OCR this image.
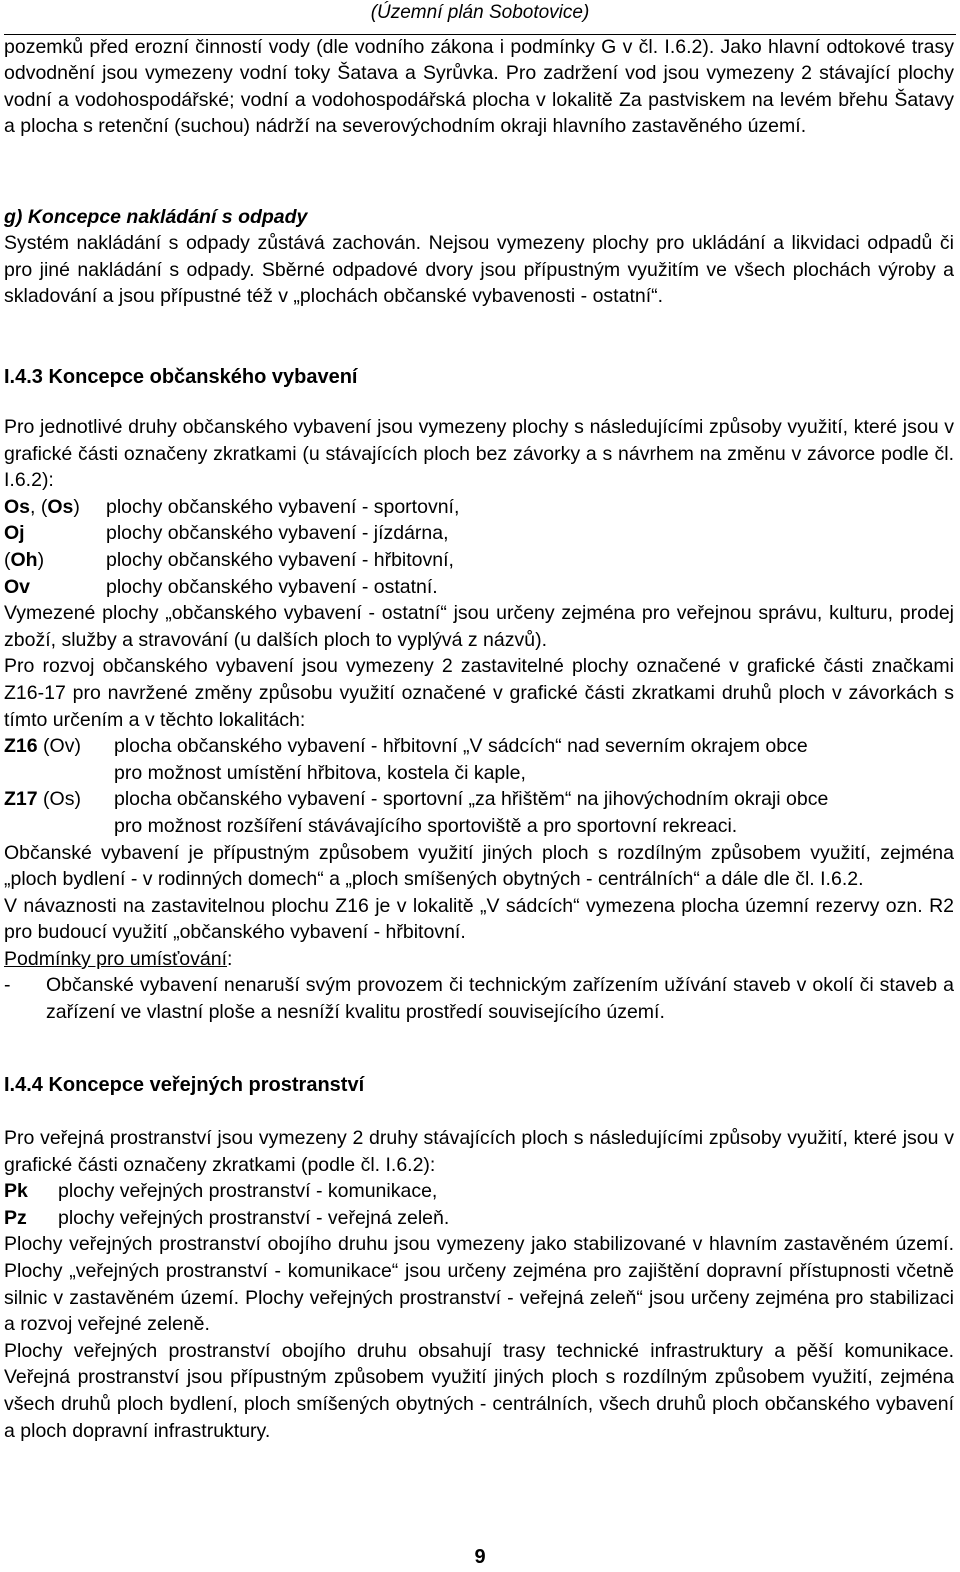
(Územní plán Sobotovice)

pozemků před erozní činností vody (dle vodního zákona i podmínky G v čl. I.6.2). Jako hlavní odtokové trasy odvodnění jsou vymezeny vodní toky Šatava a Syrůvka. Pro zadržení vod jsou vymezeny 2 stávající plochy vodní a vodohospodářské; vodní a vodohospodářská plocha v lokalitě Za pastviskem na levém břehu Šatavy a plocha s retenční (suchou) nádrží na severovýchodním okraji hlavního zastavěného území.

g) Koncepce nakládání s odpady

Systém nakládání s odpady zůstává zachován. Nejsou vymezeny plochy pro ukládání a likvidaci odpadů či pro jiné nakládání s odpady. Sběrné odpadové dvory jsou přípustným využitím ve všech plochách výroby a skladování a jsou přípustné též v „plochách občanské vybavenosti - ostatní“.

I.4.3 Koncepce občanského vybavení

Pro jednotlivé druhy občanského vybavení jsou vymezeny plochy s následujícími způsoby využití, které jsou v grafické části označeny zkratkami (u stávajících ploch bez závorky a s návrhem na změnu v závorce podle čl. I.6.2):

Os, (Os)	plochy občanského vybavení - sportovní,
Oj	plochy občanského vybavení - jízdárna,
(Oh)	plochy občanského vybavení - hřbitovní,
Ov	plochy občanského vybavení - ostatní.

Vymezené plochy „občanského vybavení - ostatní“ jsou určeny zejména pro veřejnou správu, kulturu, prodej zboží, služby a stravování (u dalších ploch to vyplývá z názvů).

Pro rozvoj občanského vybavení jsou vymezeny 2 zastavitelné plochy označené v grafické části značkami Z16-17 pro navržené změny způsobu využití označené v grafické části zkratkami druhů ploch v závorkách s tímto určením a v těchto lokalitách:

Z16 (Ov)	plocha občanského vybavení - hřbitovní „V sádcích“ nad severním okrajem obce
pro možnost umístění hřbitova, kostela či kaple,
Z17 (Os)	plocha občanského vybavení - sportovní „za hřištěm“ na jihovýchodním okraji obce
pro možnost rozšíření stávávajícího sportoviště a pro sportovní rekreaci.

Občanské vybavení je přípustným způsobem využití jiných ploch s rozdílným způsobem využití, zejména „ploch bydlení - v rodinných domech“ a „ploch smíšených obytných - centrálních“ a dále dle čl. I.6.2.

V návaznosti na zastavitelnou plochu Z16 je v lokalitě „V sádcích“ vymezena plocha územní rezervy ozn. R2 pro budoucí využití „občanského vybavení - hřbitovní.

Podmínky pro umísťování:
-	Občanské vybavení nenaruší svým provozem či technickým zařízením užívání staveb v okolí či staveb a zařízení ve vlastní ploše a nesníží kvalitu prostředí souvisejícího území.

I.4.4 Koncepce veřejných prostranství

Pro veřejná prostranství jsou vymezeny 2 druhy stávajících ploch s následujícími způsoby využití, které jsou v grafické části označeny zkratkami (podle čl. I.6.2):

Pk	plochy veřejných prostranství - komunikace,
Pz	plochy veřejných prostranství - veřejná zeleň.

Plochy veřejných prostranství obojího druhu jsou vymezeny jako stabilizované v hlavním zastavěném území. Plochy „veřejných prostranství - komunikace“ jsou určeny zejména pro zajištění dopravní přístupnosti včetně silnic v zastavěném území. Plochy veřejných prostranství - veřejná zeleň“ jsou určeny zejména pro stabilizaci a rozvoj veřejné zeleně.

Plochy veřejných prostranství obojího druhu obsahují trasy technické infrastruktury a pěší komunikace. Veřejná prostranství jsou přípustným způsobem využití jiných ploch s rozdílným způsobem využití, zejména všech druhů ploch bydlení, ploch smíšených obytných - centrálních, všech druhů ploch občanského vybavení a ploch dopravní infrastruktury.

9
